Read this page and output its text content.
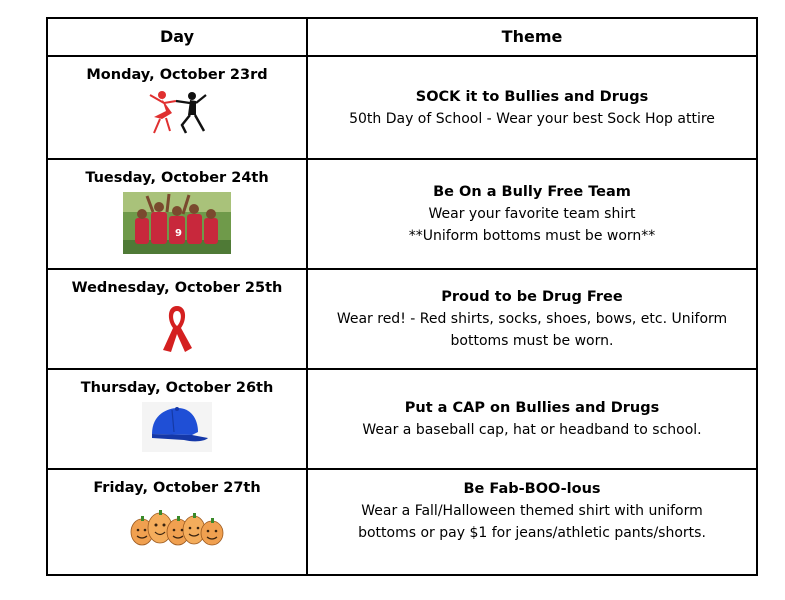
Day	Theme
Monday, October 23rd
SOCK it to Bullies and Drugs
50th Day of School - Wear your best Sock Hop attire
Tuesday, October 24th
9
Be On a Bully Free Team
Wear your favorite team shirt
**Uniform bottoms must be worn**
Wednesday, October 25th
Proud to be Drug Free
Wear red! - Red shirts, socks, shoes, bows, etc. Uniform
bottoms must be worn.
Thursday, October 26th
Put a CAP on Bullies and Drugs
Wear a baseball cap, hat or headband to school.
Friday, October 27th	Be Fab-BOO-lous
Wear a Fall/Halloween themed shirt with uniform
bottoms or pay $1 for jeans/athletic pants/shorts.
